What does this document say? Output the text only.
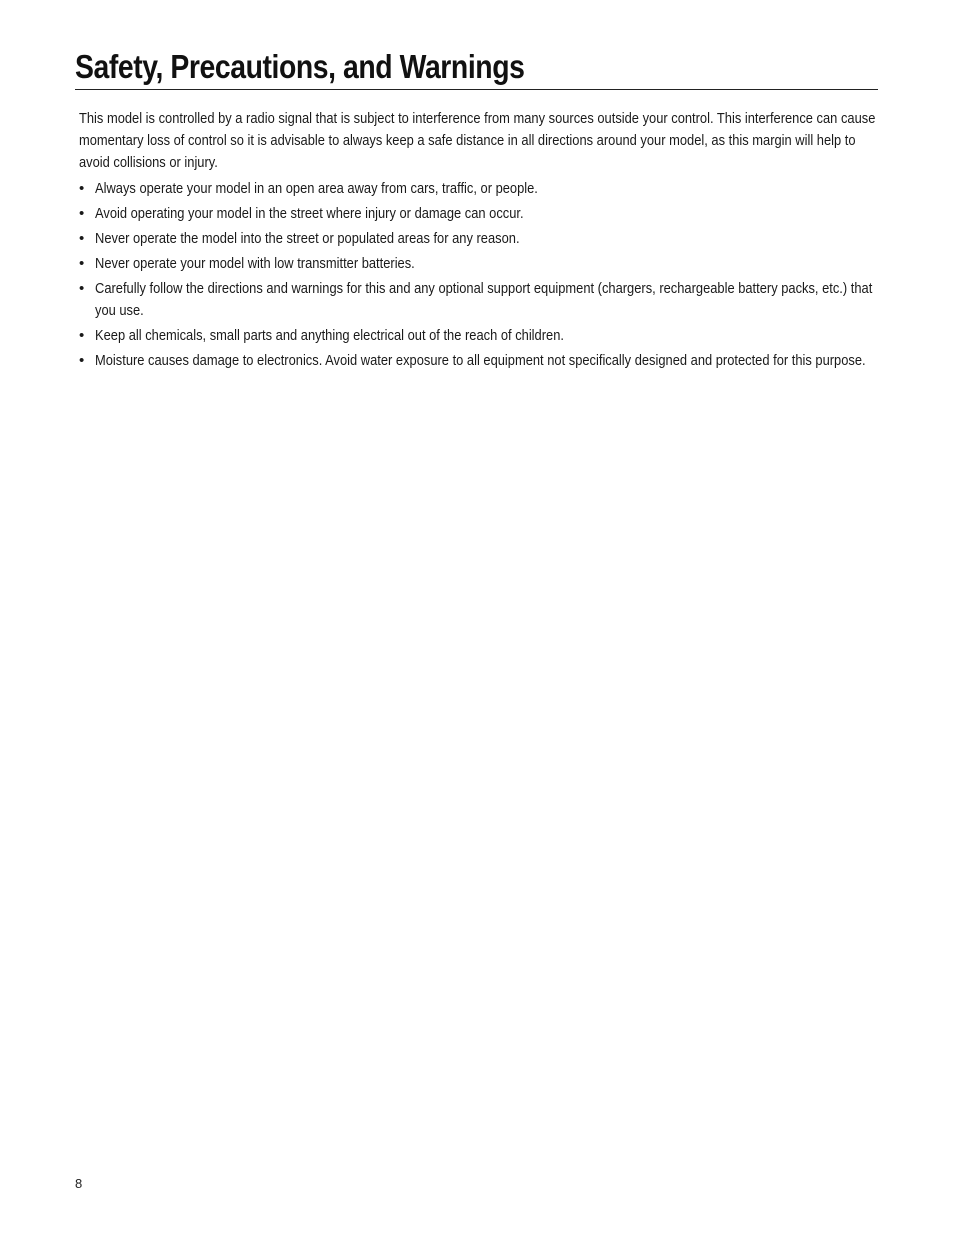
Safety, Precautions, and Warnings

This model is controlled by a radio signal that is subject to interference from many sources outside your control. This interference can cause momentary loss of control so it is advisable to always keep a safe distance in all directions around your model, as this margin will help to avoid collisions or injury.

• Always operate your model in an open area away from cars, traffic, or people.
• Avoid operating your model in the street where injury or damage can occur.
• Never operate the model into the street or populated areas for any reason.
• Never operate your model with low transmitter batteries.
• Carefully follow the directions and warnings for this and any optional support equipment (chargers, rechargeable battery packs, etc.) that you use.
• Keep all chemicals, small parts and anything electrical out of the reach of children.
• Moisture causes damage to electronics. Avoid water exposure to all equipment not specifically designed and protected for this purpose.
8
